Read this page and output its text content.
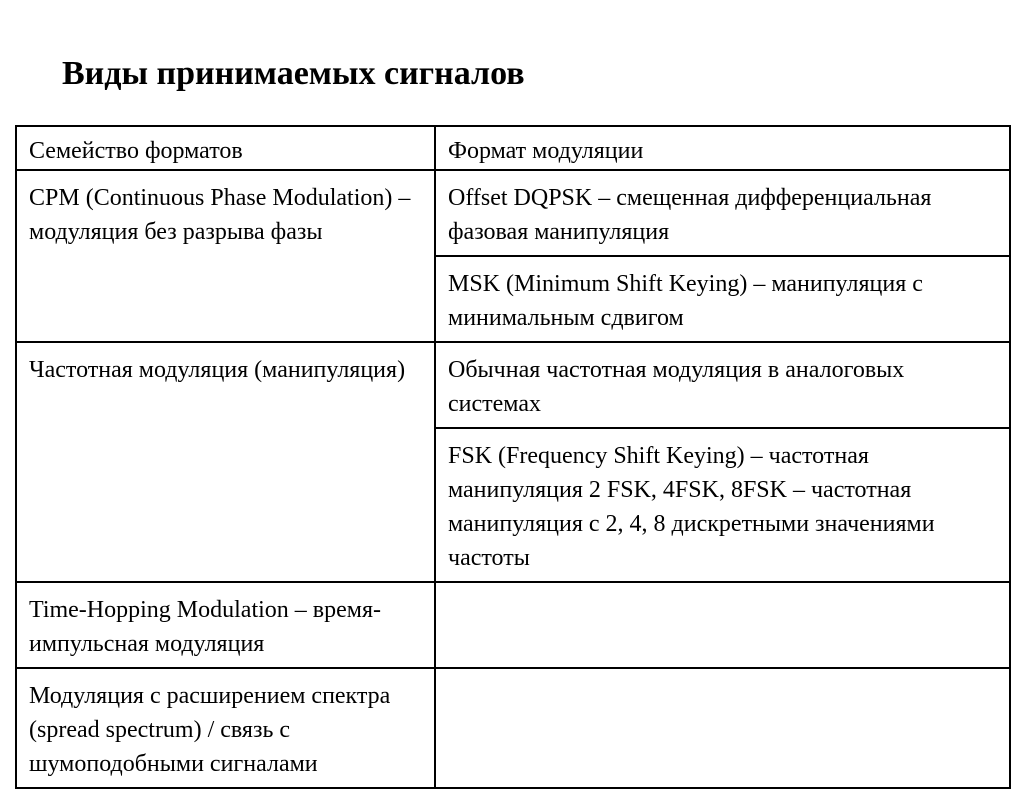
Виды принимаемых сигналов
Семейство форматов	Формат модуляции
CPM (Continuous Phase Modulation) – модуляция без разрыва фазы	Offset DQPSK – смещенная дифференциальная фазовая манипуляция
	MSK (Minimum Shift Keying) – манипуляция с минимальным сдвигом
Частотная модуляция (манипуляция)	Обычная частотная модуляция в аналоговых системах
	FSK (Frequency Shift Keying) – частотная манипуляция 2 FSK, 4FSK, 8FSK – частотная манипуляция с 2, 4, 8 дискретными значениями частоты
Time-Hopping Modulation – время-импульсная модуляция	
Модуляция с расширением спектра (spread spectrum) / связь с шумоподобными сигналами	
